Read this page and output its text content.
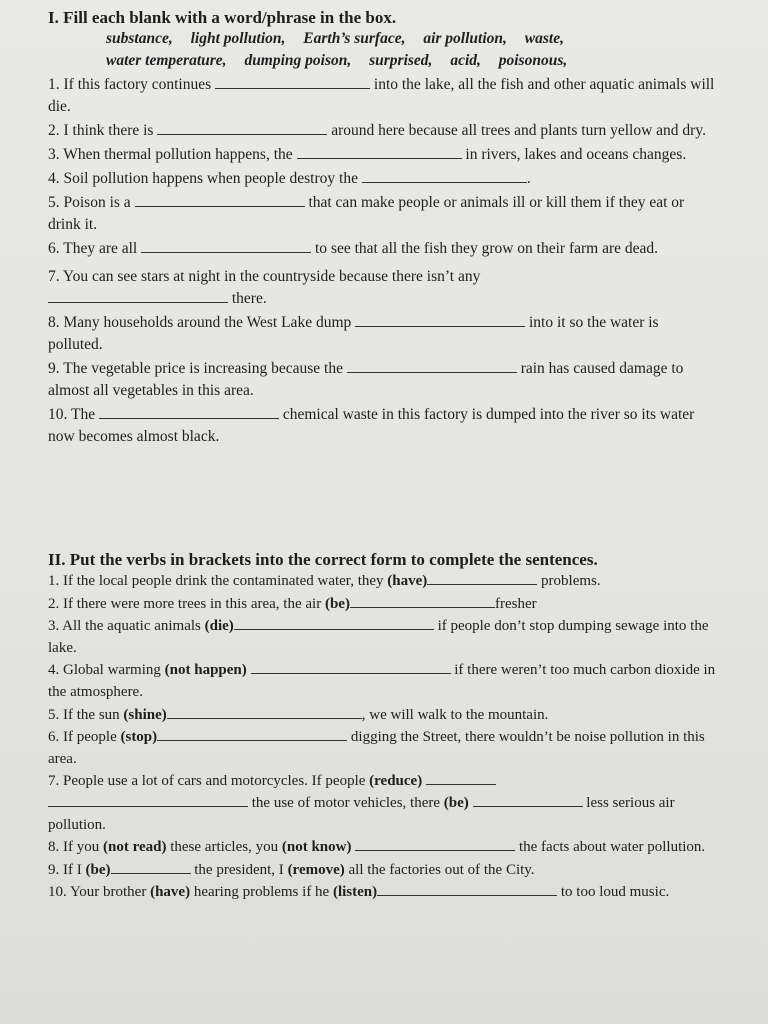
I. Fill each blank with a word/phrase in the box.
substance, light pollution, Earth’s surface, air pollution, waste,
water temperature, dumping poison, surprised, acid, poisonous,
1. If this factory continues	into the lake, all the fish and other aquatic animals will die.
2. I think there is	around here because all trees and plants turn yellow and dry.
3. When thermal pollution happens, the	in rivers, lakes and oceans changes.
4. Soil pollution happens when people destroy the	.
5. Poison is a	that can make people or animals ill or kill them if they eat or drink it.
6. They are all	to see that all the fish they grow on their farm are dead.
7. You can see stars at night in the countryside because there isn’t any
there.
8. Many households around the West Lake dump	into it so the water is polluted.
9. The vegetable price is increasing because the	rain has caused damage to almost all vegetables in this area.
10. The	chemical waste in this factory is dumped into the river so its water now becomes almost black.
II. Put the verbs in brackets into the correct form to complete the sentences.
1. If the local people drink the contaminated water, they (have)	problems.
2. If there were more trees in this area, the air (be)	fresher
3. All the aquatic animals (die)	if people don’t stop dumping sewage into the lake.
4. Global warming (not happen)	if there weren’t too much carbon dioxide in the atmosphere.
5. If the sun (shine)	, we will walk to the mountain.
6. If people (stop)	digging the Street, there wouldn’t be noise pollution in this area.
7. People use a lot of cars and motorcycles. If people (reduce)
the use of motor vehicles, there (be)	less serious air pollution.
8. If you (not read) these articles, you (not know)	the facts about water pollution.
9. If I (be)	the president, I (remove) all the factories out of the City.
10. Your brother (have) hearing problems if he (listen)	to too loud music.
